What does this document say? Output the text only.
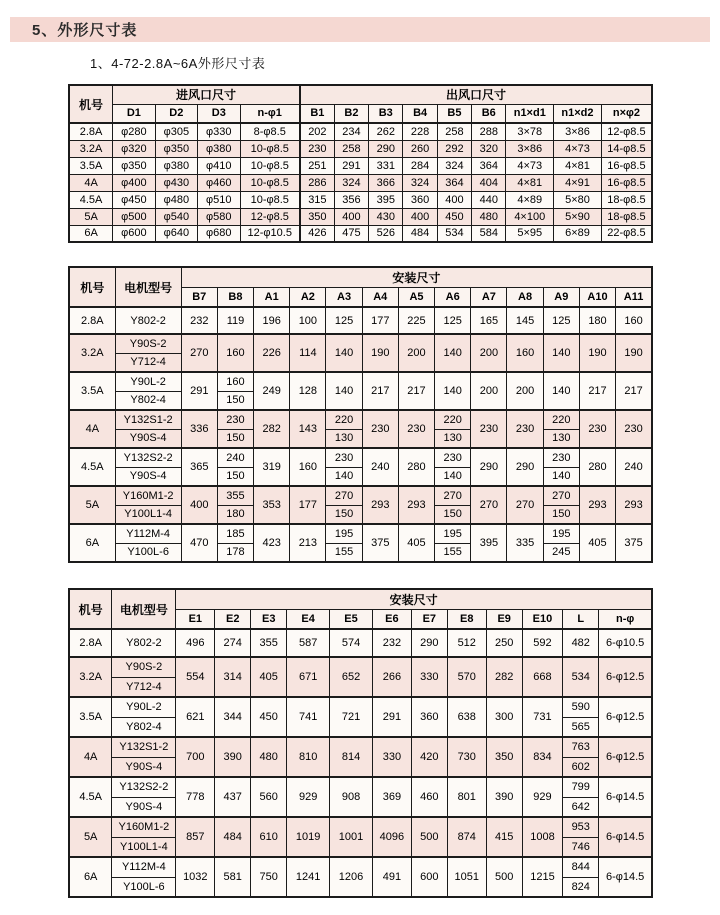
5、外形尺寸表
1、4-72-2.8A~6A外形尺寸表
机号	进风口尺寸				出风口尺寸								
	D1	D2	D3	n-φ1	B1	B2	B3	B4	B5	B6	n1×d1	n1×d2	n×φ2
2.8A	φ280	φ305	φ330	8-φ8.5	202	234	262	228	258	288	3×78	3×86	12-φ8.5
3.2A	φ320	φ350	φ380	10-φ8.5	230	258	290	260	292	320	3×86	4×73	14-φ8.5
3.5A	φ350	φ380	φ410	10-φ8.5	251	291	331	284	324	364	4×73	4×81	16-φ8.5
4A	φ400	φ430	φ460	10-φ8.5	286	324	366	324	364	404	4×81	4×91	16-φ8.5
4.5A	φ450	φ480	φ510	10-φ8.5	315	356	395	360	400	440	4×89	5×80	18-φ8.5
5A	φ500	φ540	φ580	12-φ8.5	350	400	430	400	450	480	4×100	5×90	18-φ8.5
6A	φ600	φ640	φ680	12-φ10.5	426	475	526	484	534	584	5×95	6×89	22-φ8.5
机号	电机型号	安装尺寸												
		B7	B8	A1	A2	A3	A4	A5	A6	A7	A8	A9	A10	A11
2.8A	Y802-2	232	119	196	100	125	177	225	125	165	145	125	180	160
3.2A	Y90S-2	270	160	226	114	140	190	200	140	200	160	140	190	190
	Y712-4													
3.5A	Y90L-2	291	160	249	128	140	217	217	140	200	200	140	217	217
	Y802-4		150											
4A	Y132S1-2	336	230	282	143	220	230	230	220	230	230	220	230	230
	Y90S-4		150			130			130			130		
4.5A	Y132S2-2	365	240	319	160	230	240	280	230	290	290	230	280	240
	Y90S-4		150			140			140			140		
5A	Y160M1-2	400	355	353	177	270	293	293	270	270	270	270	293	293
	Y100L1-4		180			150			150			150		
6A	Y112M-4	470	185	423	213	195	375	405	195	395	335	195	405	375
	Y100L-6		178			155			155			245		
机号	电机型号	安装尺寸											
		E1	E2	E3	E4	E5	E6	E7	E8	E9	E10	L	n-φ
2.8A	Y802-2	496	274	355	587	574	232	290	512	250	592	482	6-φ10.5
3.2A	Y90S-2	554	314	405	671	652	266	330	570	282	668	534	6-φ12.5
	Y712-4												
3.5A	Y90L-2	621	344	450	741	721	291	360	638	300	731	590	6-φ12.5
	Y802-4											565	
4A	Y132S1-2	700	390	480	810	814	330	420	730	350	834	763	6-φ12.5
	Y90S-4											602	
4.5A	Y132S2-2	778	437	560	929	908	369	460	801	390	929	799	6-φ14.5
	Y90S-4											642	
5A	Y160M1-2	857	484	610	1019	1001	4096	500	874	415	1008	953	6-φ14.5
	Y100L1-4											746	
6A	Y112M-4	1032	581	750	1241	1206	491	600	1051	500	1215	844	6-φ14.5
	Y100L-6											824	
